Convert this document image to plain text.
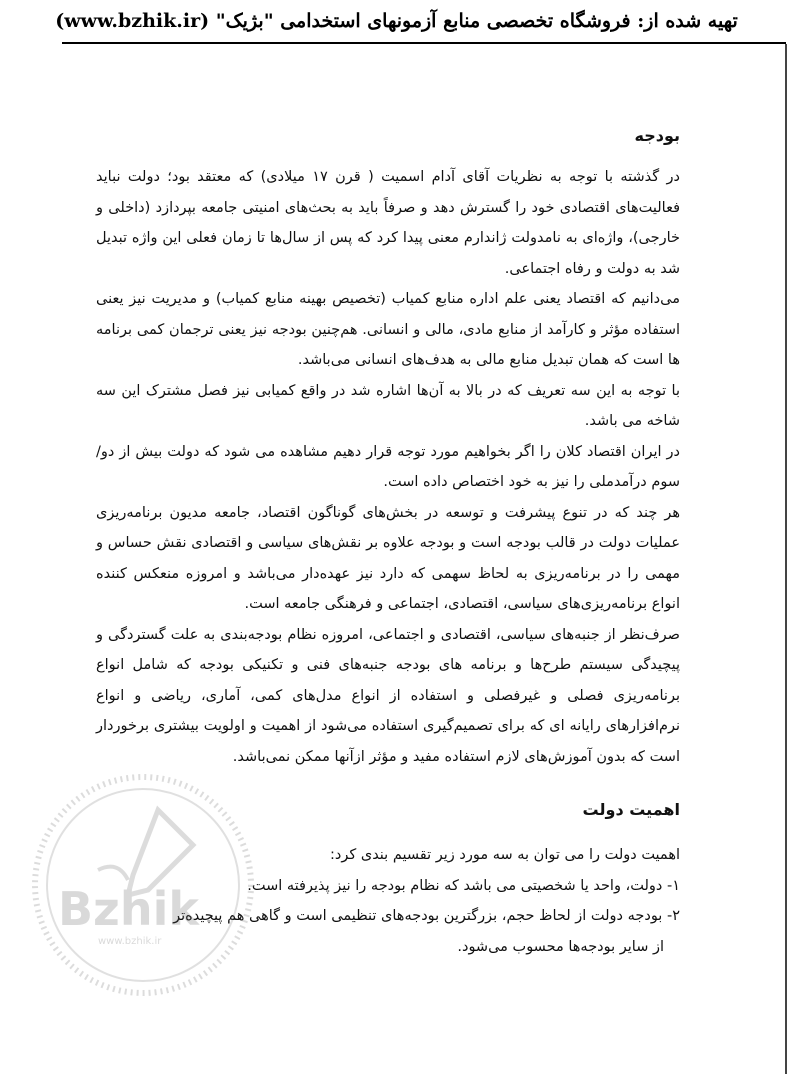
تهیه شده از: فروشگاه تخصصی منابع آزمونهای استخدامی "بژیک" (www.bzhik.ir)
بودجه

در گذشته با توجه به نظریات آقای آدام اسمیت ( قرن ۱۷ میلادی) که معتقد بود؛ دولت نباید فعالیت‌های اقتصادی خود را گسترش دهد و صرفاً باید به بحث‌های امنیتی جامعه بپردازد (داخلی و خارجی)، واژه‌ای به نامدولت ژاندارم معنی پیدا کرد که پس از سال‌ها تا زمان فعلی این واژه تبدیل شد به دولت و رفاه اجتماعی.

می‌دانیم که اقتصاد یعنی علم اداره منابع کمیاب (تخصیص بهینه منابع کمیاب) و مدیریت نیز یعنی استفاده مؤثر و کارآمد از منابع مادی، مالی و انسانی. هم‌چنین بودجه نیز یعنی ترجمان کمی برنامه ها است که همان تبدیل منابع مالی به هدف‌های انسانی می‌باشد.

با توجه به این سه تعریف که در بالا به آن‌ها اشاره شد در واقع کمیابی نیز فصل مشترک این سه شاخه می باشد.

در ایران اقتصاد کلان را اگر بخواهیم مورد توجه قرار دهیم مشاهده می شود که دولت بیش از دو/ سوم درآمدملی را نیز به خود اختصاص داده است.

هر چند که در تنوع پیشرفت و توسعه در بخش‌های گوناگون اقتصاد، جامعه مدیون برنامه‌ریزی عملیات دولت در قالب بودجه است و بودجه علاوه بر نقش‌های سیاسی و اقتصادی نقش حساس و مهمی را در برنامه‌ریزی به لحاظ سهمی که دارد نیز عهده‌دار می‌باشد و امروزه منعکس کننده انواع برنامه‌ریزی‌های سیاسی، اقتصادی، اجتماعی و فرهنگی جامعه است.

صرف‌نظر از جنبه‌های سیاسی، اقتصادی و اجتماعی، امروزه نظام بودجه‌بندی به علت گستردگی و پیچیدگی سیستم طرح‌ها و برنامه های بودجه جنبه‌های فنی و تکنیکی بودجه که شامل انواع برنامه‌ریزی فصلی و غیرفصلی و استفاده از انواع مدل‌های کمی، آماری، ریاضی و انواع نرم‌افزارهای رایانه ای که برای تصمیم‌گیری استفاده می‌شود از اهمیت و اولویت بیشتری برخوردار است که بدون آموزش‌های لازم استفاده مفید و مؤثر ازآنها ممکن نمی‌باشد.

اهمیت دولت

اهمیت دولت را می توان به سه مورد زیر تقسیم بندی کرد:

۱- دولت، واحد یا شخصیتی می باشد که نظام بودجه را نیز پذیرفته است.

۲- بودجه دولت از لحاظ حجم، بزرگترین بودجه‌های تنظیمی است و گاهی هم پیچیده‌تر

از سایر بودجه‌ها محسوب می‌شود.

Bzhik
www.bzhik.ir
